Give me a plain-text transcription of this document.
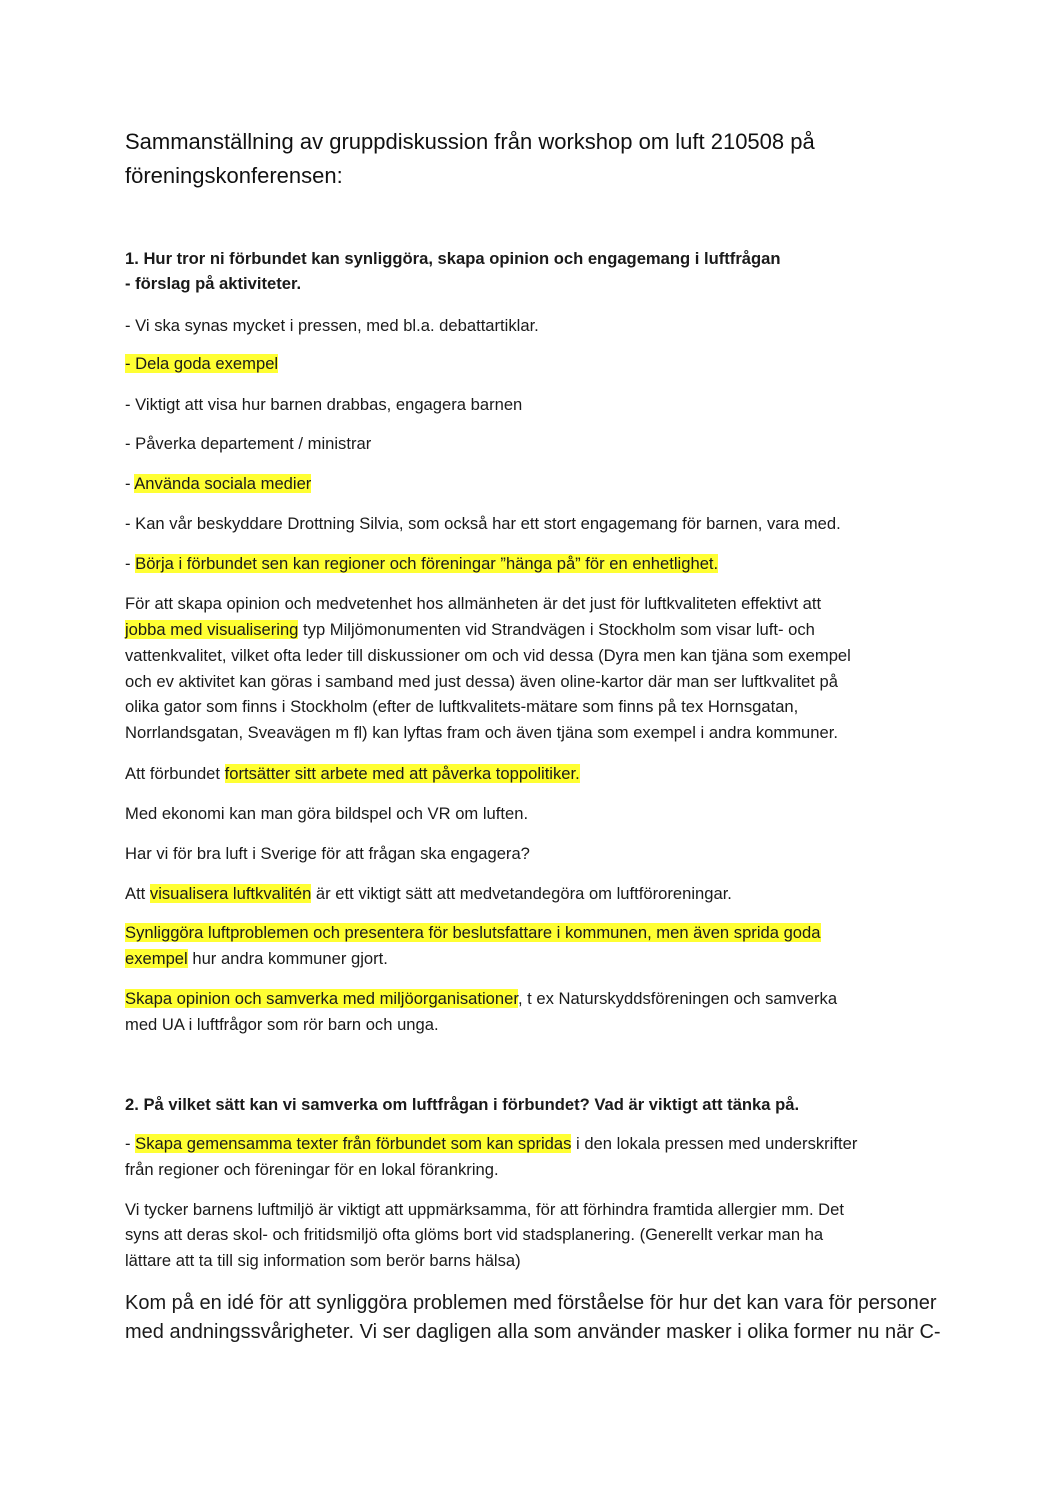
Sammanställning av gruppdiskussion från workshop om luft 210508 på

föreningskonferensen:

1. Hur tror ni förbundet kan synliggöra, skapa opinion och engagemang i luftfrågan

- förslag på aktiviteter.

- Vi ska synas mycket i pressen, med bl.a. debattartiklar.

- Dela goda exempel

- Viktigt att visa hur barnen drabbas, engagera barnen

- Påverka departement / ministrar

- Använda sociala medier

- Kan vår beskyddare Drottning Silvia, som också har ett stort engagemang för barnen, vara med.

- Börja i förbundet sen kan regioner och föreningar ”hänga på” för en enhetlighet.

För att skapa opinion och medvetenhet hos allmänheten är det just för luftkvaliteten effektivt att

jobba med visualisering typ Miljömonumenten vid Strandvägen i Stockholm som visar luft- och

vattenkvalitet, vilket ofta leder till diskussioner om och vid dessa (Dyra men kan tjäna som exempel

och ev aktivitet kan göras i samband med just dessa) även oline-kartor där man ser luftkvalitet på

olika gator som finns i Stockholm (efter de luftkvalitets-mätare som finns på tex Hornsgatan,

Norrlandsgatan, Sveavägen m fl) kan lyftas fram och även tjäna som exempel i andra kommuner.

Att förbundet fortsätter sitt arbete med att påverka toppolitiker.

Med ekonomi kan man göra bildspel och VR om luften.

Har vi för bra luft i Sverige för att frågan ska engagera?

Att visualisera luftkvalitén är ett viktigt sätt att medvetandegöra om luftföroreningar.

Synliggöra luftproblemen och presentera för beslutsfattare i kommunen, men även sprida goda

exempel hur andra kommuner gjort.

Skapa opinion och samverka med miljöorganisationer, t ex Naturskyddsföreningen och samverka

med UA i luftfrågor som rör barn och unga.

2. På vilket sätt kan vi samverka om luftfrågan i förbundet? Vad är viktigt att tänka på.

- Skapa gemensamma texter från förbundet som kan spridas i den lokala pressen med underskrifter

från regioner och föreningar för en lokal förankring.

Vi tycker barnens luftmiljö är viktigt att uppmärksamma, för att förhindra framtida allergier mm. Det

syns att deras skol- och fritidsmiljö ofta glöms bort vid stadsplanering. (Generellt verkar man ha

lättare att ta till sig information som berör barns hälsa)

Kom på en idé för att synliggöra problemen med förståelse för hur det kan vara för personer

med andningssvårigheter. Vi ser dagligen alla som använder masker i olika former nu när C-
